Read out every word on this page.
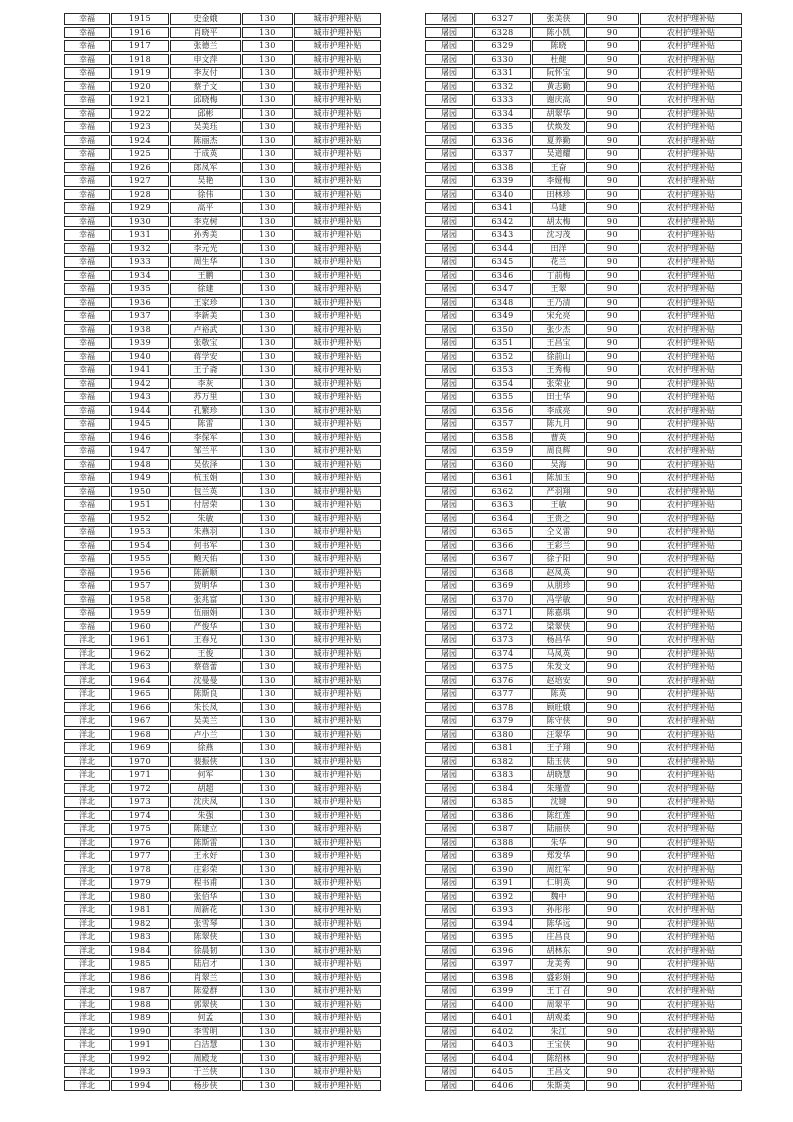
幸福	1915	史金娥	130	城市护理补贴
幸福	1916	肖晓平	130	城市护理补贴
幸福	1917	张德兰	130	城市护理补贴
幸福	1918	申文萍	130	城市护理补贴
幸福	1919	李友付	130	城市护理补贴
幸福	1920	蔡子文	130	城市护理补贴
幸福	1921	邱晓梅	130	城市护理补贴
幸福	1922	邱彬	130	城市护理补贴
幸福	1923	吴美珏	130	城市护理补贴
幸福	1924	陈丽杰	130	城市护理补贴
幸福	1925	于成英	130	城市护理补贴
幸福	1926	郎凤军	130	城市护理补贴
幸福	1927	吴艳	130	城市护理补贴
幸福	1928	徐伟	130	城市护理补贴
幸福	1929	高平	130	城市护理补贴
幸福	1930	李克树	130	城市护理补贴
幸福	1931	孙秀美	130	城市护理补贴
幸福	1932	李元光	130	城市护理补贴
幸福	1933	周生华	130	城市护理补贴
幸福	1934	王鹏	130	城市护理补贴
幸福	1935	徐建	130	城市护理补贴
幸福	1936	王家珍	130	城市护理补贴
幸福	1937	李新美	130	城市护理补贴
幸福	1938	卢裕武	130	城市护理补贴
幸福	1939	张敬宝	130	城市护理补贴
幸福	1940	蒋学安	130	城市护理补贴
幸福	1941	王子斋	130	城市护理补贴
幸福	1942	李灰	130	城市护理补贴
幸福	1943	苏万里	130	城市护理补贴
幸福	1944	孔繁珍	130	城市护理补贴
幸福	1945	陈雷	130	城市护理补贴
幸福	1946	李保军	130	城市护理补贴
幸福	1947	邹兰平	130	城市护理补贴
幸福	1948	吴依泽	130	城市护理补贴
幸福	1949	杭玉娟	130	城市护理补贴
幸福	1950	包兰英	130	城市护理补贴
幸福	1951	付居荣	130	城市护理补贴
幸福	1952	朱敏	130	城市护理补贴
幸福	1953	朱燕羽	130	城市护理补贴
幸福	1954	何书军	130	城市护理补贴
幸福	1955	鲍天佑	130	城市护理补贴
幸福	1956	陈新顺	130	城市护理补贴
幸福	1957	贺明华	130	城市护理补贴
幸福	1958	张兆富	130	城市护理补贴
幸福	1959	伍丽娟	130	城市护理补贴
幸福	1960	严俊华	130	城市护理补贴
洋北	1961	王春兄	130	城市护理补贴
洋北	1962	王俊	130	城市护理补贴
洋北	1963	蔡蓓蕾	130	城市护理补贴
洋北	1964	沈曼曼	130	城市护理补贴
洋北	1965	陈斯良	130	城市护理补贴
洋北	1966	朱长凤	130	城市护理补贴
洋北	1967	吴美兰	130	城市护理补贴
洋北	1968	卢小兰	130	城市护理补贴
洋北	1969	徐燕	130	城市护理补贴
洋北	1970	裴振侠	130	城市护理补贴
洋北	1971	何军	130	城市护理补贴
洋北	1972	胡超	130	城市护理补贴
洋北	1973	沈庆凤	130	城市护理补贴
洋北	1974	朱强	130	城市护理补贴
洋北	1975	陈建立	130	城市护理补贴
洋北	1976	陈斯雷	130	城市护理补贴
洋北	1977	王永好	130	城市护理补贴
洋北	1978	庄彩荣	130	城市护理补贴
洋北	1979	程书甫	130	城市护理补贴
洋北	1980	张佰华	130	城市护理补贴
洋北	1981	周新花	130	城市护理补贴
洋北	1982	张雪琴	130	城市护理补贴
洋北	1983	陈翠侠	130	城市护理补贴
洋北	1984	徐晨韧	130	城市护理补贴
洋北	1985	陆启才	130	城市护理补贴
洋北	1986	肖翠兰	130	城市护理补贴
洋北	1987	陈爱群	130	城市护理补贴
洋北	1988	郭翠侠	130	城市护理补贴
洋北	1989	何孟	130	城市护理补贴
洋北	1990	李雪明	130	城市护理补贴
洋北	1991	白洁慧	130	城市护理补贴
洋北	1992	周殿龙	130	城市护理补贴
洋北	1993	于兰侠	130	城市护理补贴
洋北	1994	杨步侠	130	城市护理补贴
屠园	6327	张美侠	90	农村护理补贴
屠园	6328	陈小凯	90	农村护理补贴
屠园	6329	陈晓	90	农村护理补贴
屠园	6330	杜健	90	农村护理补贴
屠园	6331	阮怀宝	90	农村护理补贴
屠园	6332	黄志勤	90	农村护理补贴
屠园	6333	谢庆高	90	农村护理补贴
屠园	6334	胡翠华	90	农村护理补贴
屠园	6335	伏焕发	90	农村护理补贴
屠园	6336	夏养勤	90	农村护理补贴
屠园	6337	吴道耀	90	农村护理补贴
屠园	6338	王奋	90	农村护理补贴
屠园	6339	李娅梅	90	农村护理补贴
屠园	6340	田林珍	90	农村护理补贴
屠园	6341	马建	90	农村护理补贴
屠园	6342	胡太梅	90	农村护理补贴
屠园	6343	沈习茂	90	农村护理补贴
屠园	6344	田洋	90	农村护理补贴
屠园	6345	花兰	90	农村护理补贴
屠园	6346	丁前梅	90	农村护理补贴
屠园	6347	王翠	90	农村护理补贴
屠园	6348	王乃清	90	农村护理补贴
屠园	6349	宋允亮	90	农村护理补贴
屠园	6350	张少杰	90	农村护理补贴
屠园	6351	王昌宝	90	农村护理补贴
屠园	6352	徐前山	90	农村护理补贴
屠园	6353	王秀梅	90	农村护理补贴
屠园	6354	张荣业	90	农村护理补贴
屠园	6355	田士华	90	农村护理补贴
屠园	6356	李成亮	90	农村护理补贴
屠园	6357	陈九月	90	农村护理补贴
屠园	6358	曹英	90	农村护理补贴
屠园	6359	周良辉	90	农村护理补贴
屠园	6360	吴海	90	农村护理补贴
屠园	6361	陈加玉	90	农村护理补贴
屠园	6362	严羽翔	90	农村护理补贴
屠园	6363	王敏	90	农村护理补贴
屠园	6364	王贵之	90	农村护理补贴
屠园	6365	仝义雷	90	农村护理补贴
屠园	6366	王彩兰	90	农村护理补贴
屠园	6367	徐子阳	90	农村护理补贴
屠园	6368	赵凤英	90	农村护理补贴
屠园	6369	从朋珍	90	农村护理补贴
屠园	6370	冯学敏	90	农村护理补贴
屠园	6371	陈嘉琪	90	农村护理补贴
屠园	6372	梁翠侠	90	农村护理补贴
屠园	6373	杨昌华	90	农村护理补贴
屠园	6374	马凤英	90	农村护理补贴
屠园	6375	朱发文	90	农村护理补贴
屠园	6376	赵培安	90	农村护理补贴
屠园	6377	陈英	90	农村护理补贴
屠园	6378	顾旺娥	90	农村护理补贴
屠园	6379	陈守侠	90	农村护理补贴
屠园	6380	汪翠华	90	农村护理补贴
屠园	6381	王子翔	90	农村护理补贴
屠园	6382	陆玉侠	90	农村护理补贴
屠园	6383	胡晓慧	90	农村护理补贴
屠园	6384	朱瑾萱	90	农村护理补贴
屠园	6385	沈键	90	农村护理补贴
屠园	6386	陈红莲	90	农村护理补贴
屠园	6387	陆丽侠	90	农村护理补贴
屠园	6388	朱华	90	农村护理补贴
屠园	6389	郑发华	90	农村护理补贴
屠园	6390	周红军	90	农村护理补贴
屠园	6391	仁明英	90	农村护理补贴
屠园	6392	魏中	90	农村护理补贴
屠园	6393	孙彤彤	90	农村护理补贴
屠园	6394	陈华远	90	农村护理补贴
屠园	6395	庄昌良	90	农村护理补贴
屠园	6396	胡林东	90	农村护理补贴
屠园	6397	龙美秀	90	农村护理补贴
屠园	6398	盛彩娟	90	农村护理补贴
屠园	6399	王丁召	90	农村护理补贴
屠园	6400	周翠平	90	农村护理补贴
屠园	6401	胡观柔	90	农村护理补贴
屠园	6402	朱江	90	农村护理补贴
屠园	6403	王宝侠	90	农村护理补贴
屠园	6404	陈绍林	90	农村护理补贴
屠园	6405	王昌文	90	农村护理补贴
屠园	6406	朱斯美	90	农村护理补贴
